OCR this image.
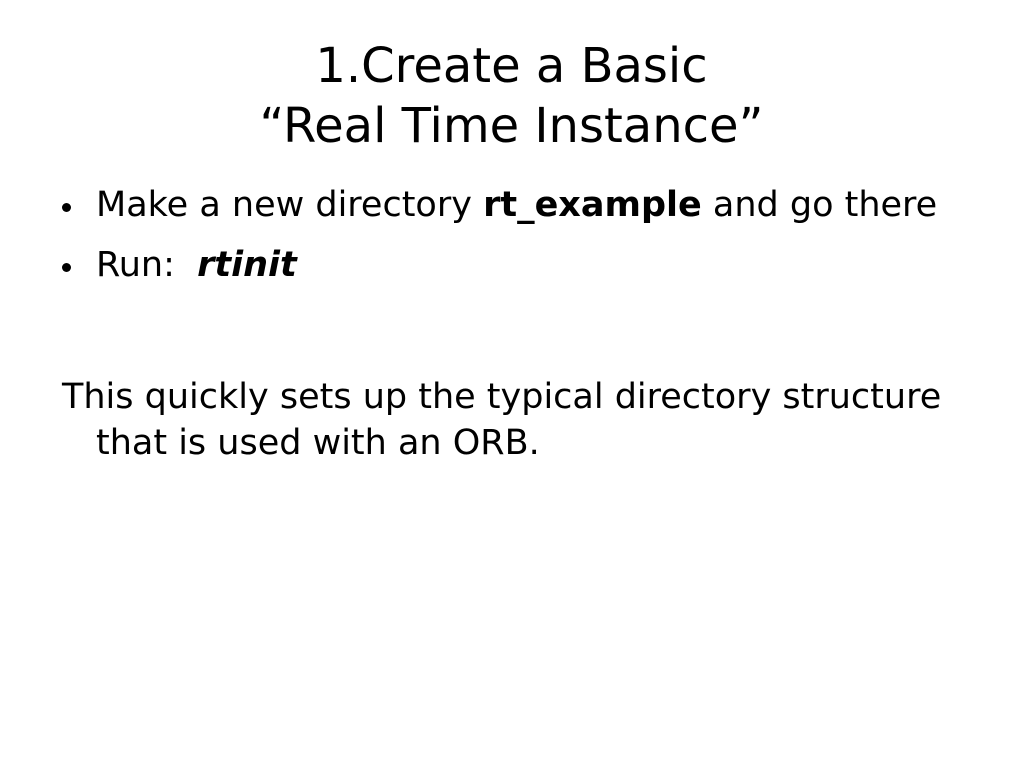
1.Create a Basic
“Real Time Instance”
Make a new directory rt_example and go there
Run:  rtinit

This quickly sets up the typical directory structure that is used with an ORB.
